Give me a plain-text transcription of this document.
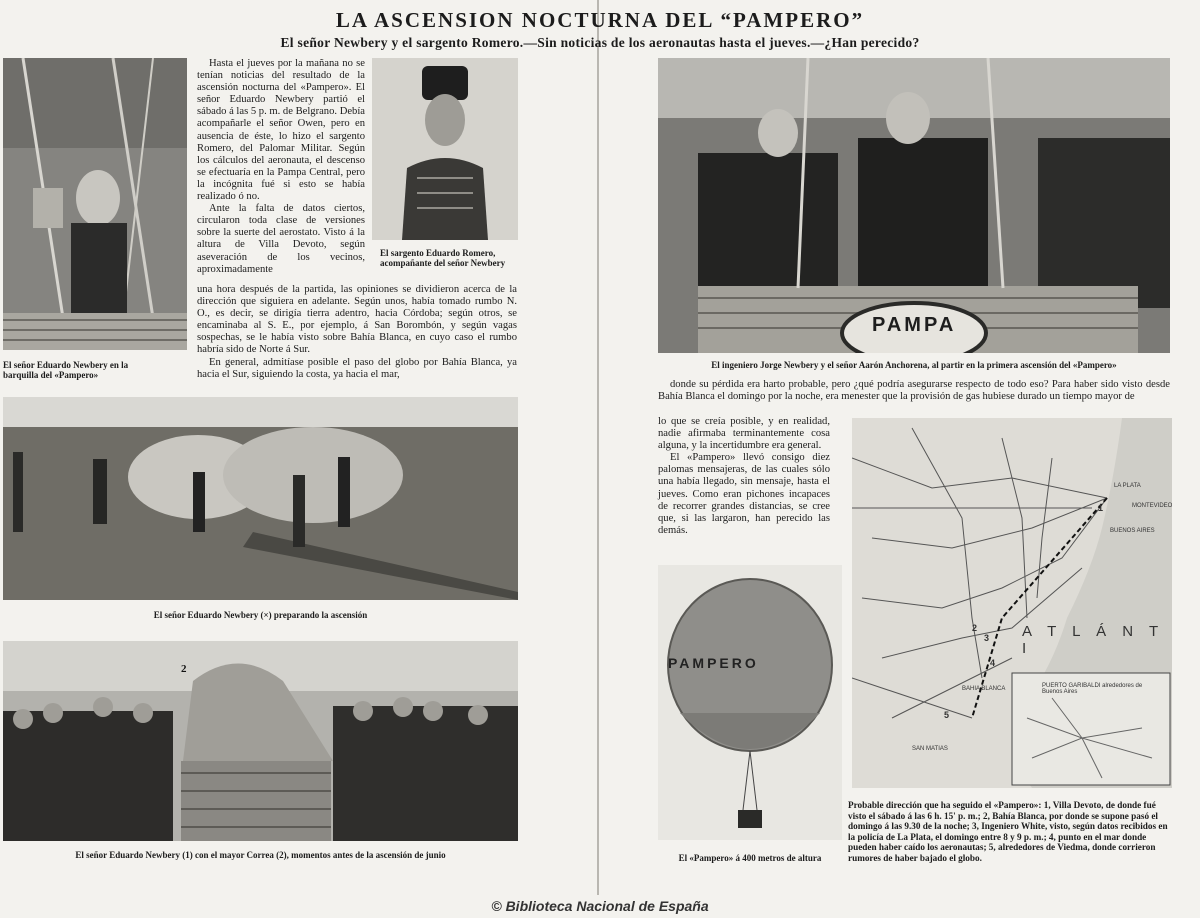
LA ASCENSION NOCTURNA DEL “PAMPERO”
El señor Newbery y el sargento Romero.—Sin noticias de los aeronautas hasta el jueves.—¿Han perecido?
El señor Eduardo Newbery en la barquilla del «Pampero»

Hasta el jueves por la mañana no se tenían noticias del resultado de la ascensión nocturna del «Pampero». El señor Eduardo Newbery partió el sábado á las 5 p. m. de Belgrano. Debía acompañarle el señor Owen, pero en ausencia de éste, lo hizo el sargento Romero, del Palomar Militar. Según los cálculos del aeronauta, el descenso se efectuaría en la Pampa Central, pero la incógnita fué si esto se había realizado ó no.

Ante la falta de datos ciertos, circularon toda clase de versiones sobre la suerte del aerostato. Visto á la altura de Villa Devoto, según aseveración de los vecinos, aproximadamente

El sargento Eduardo Romero, acompañante del señor Newbery

una hora después de la partida, las opiniones se dividieron acerca de la dirección que siguiera en adelante. Según unos, había tomado rumbo N. O., es decir, se dirigía tierra adentro, hacia Córdoba; según otros, se encaminaba al S. E., por ejemplo, á San Borombón, y según vagas sospechas, se le había visto sobre Bahía Blanca, en cuyo caso el rumbo habría sido de Norte á Sur.

En general, admitíase posible el paso del globo por Bahía Blanca, ya hacia el Sur, siguiendo la costa, ya hacia el mar,

El señor Eduardo Newbery (×) preparando la ascensión
2
El señor Eduardo Newbery (1) con el mayor Correa (2), momentos antes de la ascensión de junio
PAMPA
El ingeniero Jorge Newbery y el señor Aarón Anchorena, al partir en la primera ascensión del «Pampero»

donde su pérdida era harto probable, pero ¿qué podría asegurarse respecto de todo eso? Para haber sido visto desde Bahía Blanca el domingo por la noche, era menester que la provisión de gas hubiese durado un tiempo mayor de

lo que se creía posible, y en realidad, nadie afirmaba terminantemente cosa alguna, y la incertidumbre era general.

El «Pampero» llevó consigo diez palomas mensajeras, de las cuales sólo una había llegado, sin mensaje, hasta el jueves. Como eran pichones incapaces de recorrer grandes distancias, se cree que, si las largaron, han perecido las demás.

PAMPERO
El «Pampero» á 400 metros de altura
BUENOS AIRES
LA PLATA
MONTEVIDEO
BAHIA BLANCA
SAN MATIAS
PUERTO GARIBALDI alrededores de Buenos Aires
A T L Á N T I
1
2
3
4
5
Probable dirección que ha seguido el «Pampero»: 1, Villa Devoto, de donde fué visto el sábado á las 6 h. 15' p. m.; 2, Bahía Blanca, por donde se supone pasó el domingo á las 9.30 de la noche; 3, Ingeniero White, visto, según datos recibidos en la policía de La Plata, el domingo entre 8 y 9 p. m.; 4, punto en el mar donde pueden haber caído los aeronautas; 5, alrededores de Viedma, donde corrieron rumores de haber bajado el globo.
© Biblioteca Nacional de España
